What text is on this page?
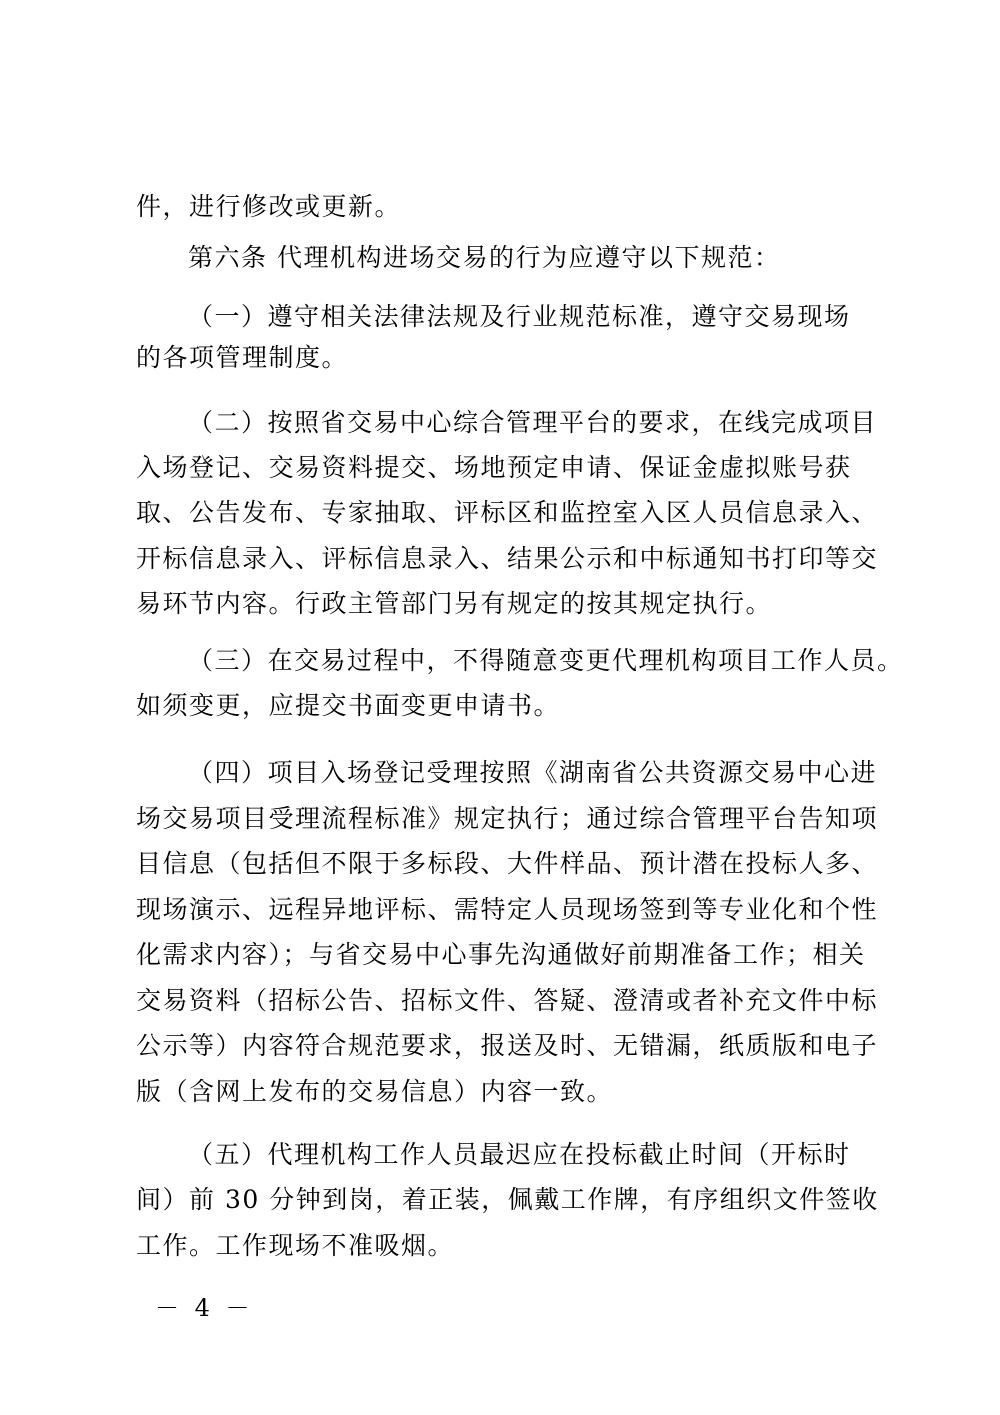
件，进行修改或更新。
第六条 代理机构进场交易的行为应遵守以下规范：
（一）遵守相关法律法规及行业规范标准，遵守交易现场
的各项管理制度。
（二）按照省交易中心综合管理平台的要求，在线完成项目
入场登记、交易资料提交、场地预定申请、保证金虚拟账号获
取、公告发布、专家抽取、评标区和监控室入区人员信息录入、
开标信息录入、评标信息录入、结果公示和中标通知书打印等交
易环节内容。行政主管部门另有规定的按其规定执行。
（三）在交易过程中，不得随意变更代理机构项目工作人员。
如须变更，应提交书面变更申请书。
（四）项目入场登记受理按照《湖南省公共资源交易中心进
场交易项目受理流程标准》规定执行；通过综合管理平台告知项
目信息（包括但不限于多标段、大件样品、预计潜在投标人多、
现场演示、远程异地评标、需特定人员现场签到等专业化和个性
化需求内容）；与省交易中心事先沟通做好前期准备工作；相关
交易资料（招标公告、招标文件、答疑、澄清或者补充文件中标
公示等）内容符合规范要求，报送及时、无错漏，纸质版和电子
版（含网上发布的交易信息）内容一致。
（五）代理机构工作人员最迟应在投标截止时间（开标时
间）前 30 分钟到岗，着正装，佩戴工作牌，有序组织文件签收
工作。工作现场不准吸烟。
－ 4 －
